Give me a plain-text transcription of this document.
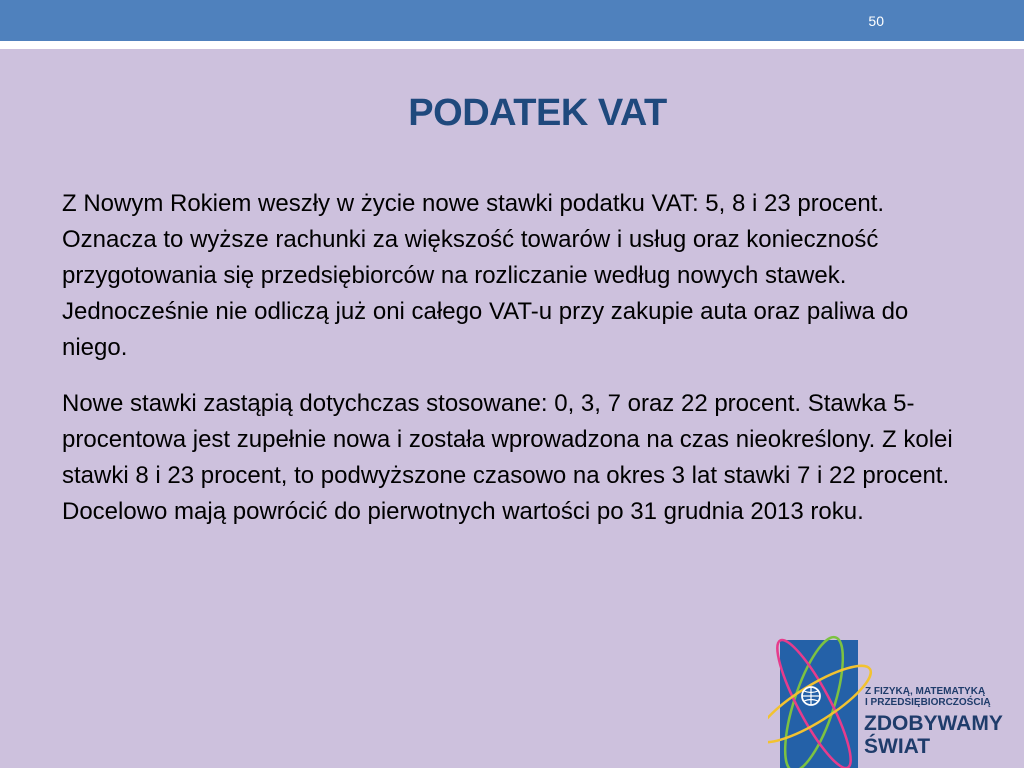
50
PODATEK VAT

Z Nowym Rokiem weszły w życie nowe stawki podatku VAT: 5, 8 i 23 procent. Oznacza to wyższe rachunki za większość towarów i usług oraz konieczność przygotowania się przedsiębiorców na rozliczanie według nowych stawek. Jednocześnie nie odliczą już oni całego VAT-u przy zakupie auta oraz paliwa do niego.

Nowe stawki zastąpią dotychczas stosowane: 0, 3, 7 oraz 22 procent. Stawka 5-procentowa jest zupełnie nowa i została wprowadzona na czas nieokreślony. Z kolei stawki 8 i 23 procent, to podwyższone czasowo na okres 3 lat stawki 7 i 22 procent. Docelowo mają powrócić do pierwotnych wartości po 31 grudnia 2013 roku.

Z FIZYKĄ, MATEMATYKĄ
I PRZEDSIĘBIORCZOŚCIĄ
ZDOBYWAMY
ŚWIAT
